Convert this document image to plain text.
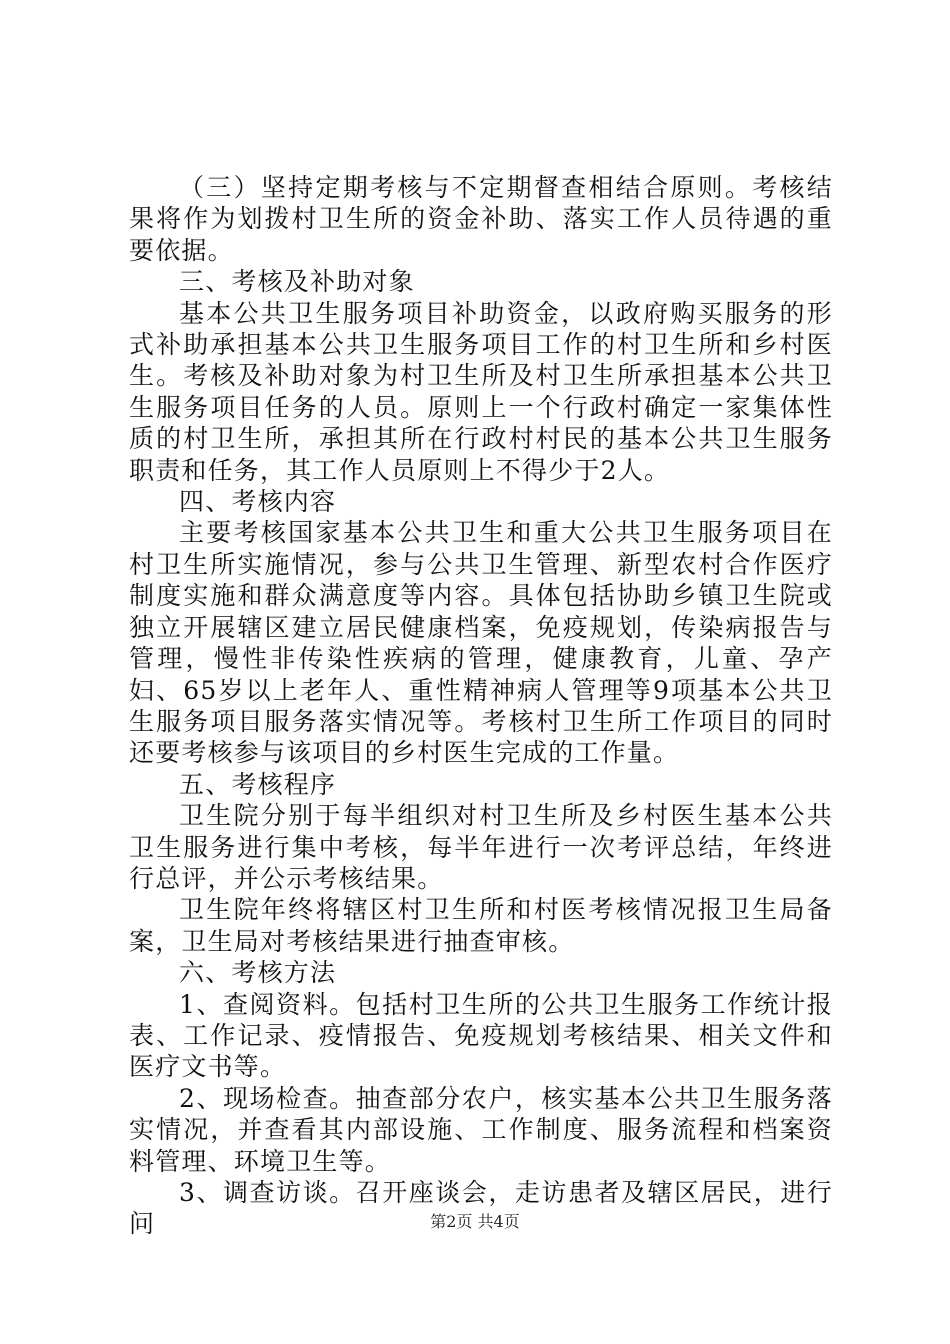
（三）坚持定期考核与不定期督查相结合原则。考核结果将作为划拨村卫生所的资金补助、落实工作人员待遇的重要依据。

三、考核及补助对象

基本公共卫生服务项目补助资金，以政府购买服务的形式补助承担基本公共卫生服务项目工作的村卫生所和乡村医生。考核及补助对象为村卫生所及村卫生所承担基本公共卫生服务项目任务的人员。原则上一个行政村确定一家集体性质的村卫生所，承担其所在行政村村民的基本公共卫生服务职责和任务，其工作人员原则上不得少于2人。

四、考核内容

主要考核国家基本公共卫生和重大公共卫生服务项目在村卫生所实施情况，参与公共卫生管理、新型农村合作医疗制度实施和群众满意度等内容。具体包括协助乡镇卫生院或独立开展辖区建立居民健康档案，免疫规划，传染病报告与管理，慢性非传染性疾病的管理，健康教育，儿童、孕产妇、65岁以上老年人、重性精神病人管理等9项基本公共卫生服务项目服务落实情况等。考核村卫生所工作项目的同时还要考核参与该项目的乡村医生完成的工作量。

五、考核程序

卫生院分别于每半组织对村卫生所及乡村医生基本公共卫生服务进行集中考核，每半年进行一次考评总结，年终进行总评，并公示考核结果。

卫生院年终将辖区村卫生所和村医考核情况报卫生局备案，卫生局对考核结果进行抽查审核。

六、考核方法

1、查阅资料。包括村卫生所的公共卫生服务工作统计报表、工作记录、疫情报告、免疫规划考核结果、相关文件和医疗文书等。

2、现场检查。抽查部分农户，核实基本公共卫生服务落实情况，并查看其内部设施、工作制度、服务流程和档案资料管理、环境卫生等。

3、调查访谈。召开座谈会，走访患者及辖区居民，进行问	第2页 共4页
